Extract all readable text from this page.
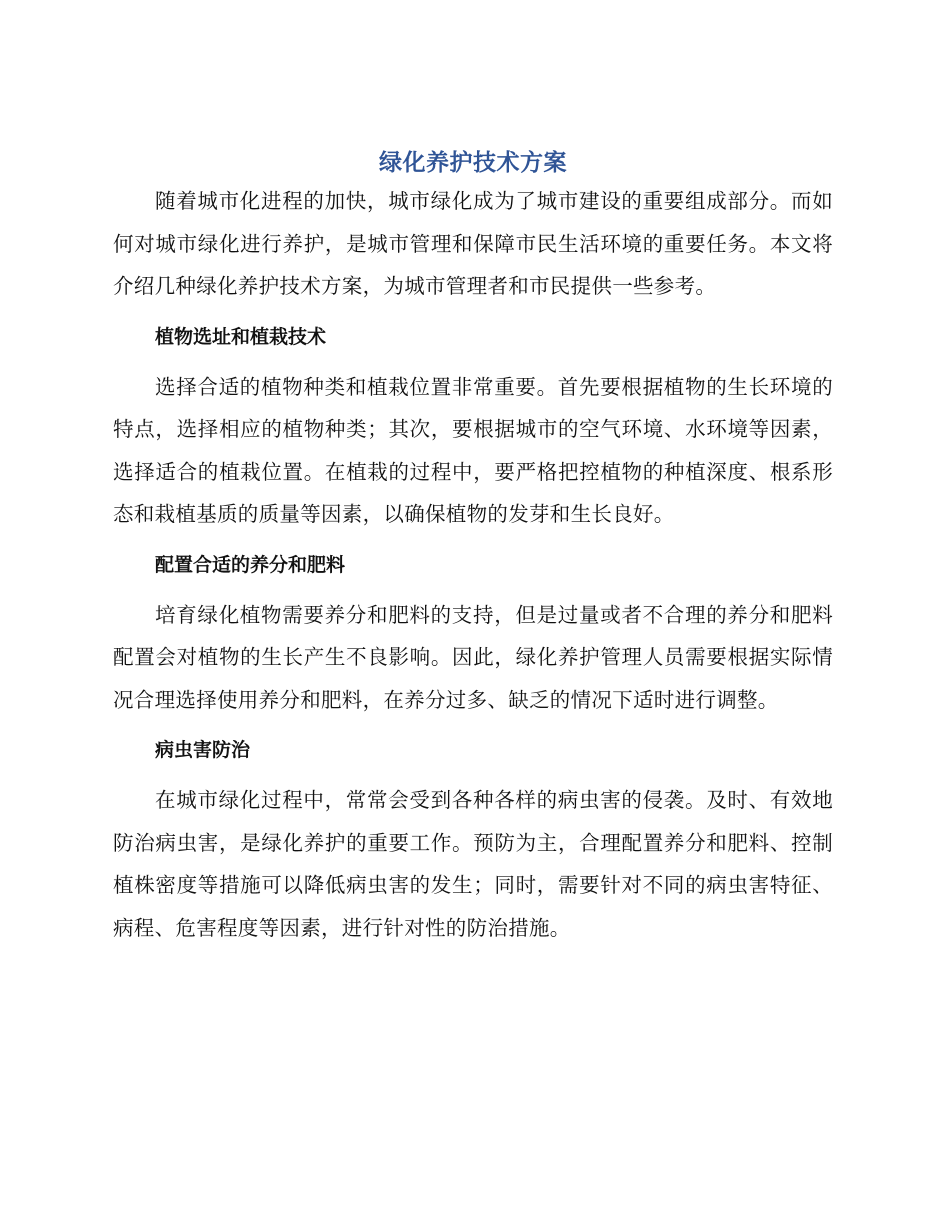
绿化养护技术方案

随着城市化进程的加快，城市绿化成为了城市建设的重要组成部分。而如何对城市绿化进行养护，是城市管理和保障市民生活环境的重要任务。本文将介绍几种绿化养护技术方案，为城市管理者和市民提供一些参考。

植物选址和植栽技术

选择合适的植物种类和植栽位置非常重要。首先要根据植物的生长环境的特点，选择相应的植物种类；其次，要根据城市的空气环境、水环境等因素，选择适合的植栽位置。在植栽的过程中，要严格把控植物的种植深度、根系形态和栽植基质的质量等因素，以确保植物的发芽和生长良好。

配置合适的养分和肥料

培育绿化植物需要养分和肥料的支持，但是过量或者不合理的养分和肥料配置会对植物的生长产生不良影响。因此，绿化养护管理人员需要根据实际情况合理选择使用养分和肥料，在养分过多、缺乏的情况下适时进行调整。

病虫害防治

在城市绿化过程中，常常会受到各种各样的病虫害的侵袭。及时、有效地防治病虫害，是绿化养护的重要工作。预防为主，合理配置养分和肥料、控制植株密度等措施可以降低病虫害的发生；同时，需要针对不同的病虫害特征、病程、危害程度等因素，进行针对性的防治措施。
